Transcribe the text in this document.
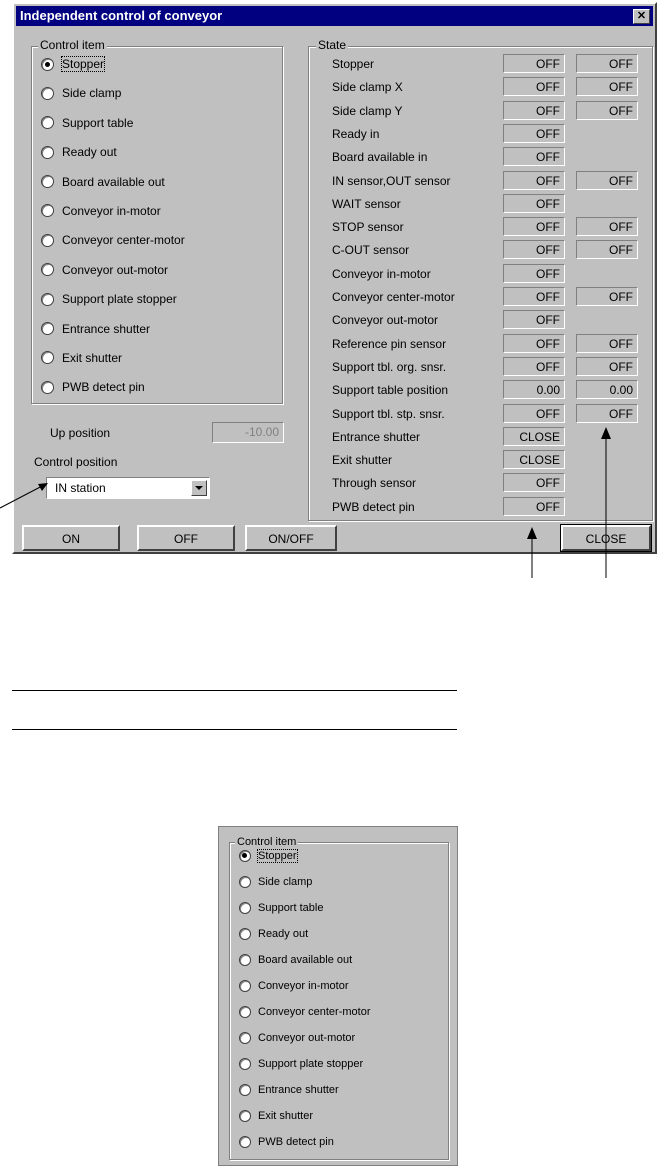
Independent control of conveyor	✕
Control item
Stopper
Side clamp
Support table
Ready out
Board available out
Conveyor in-motor
Conveyor center-motor
Conveyor out-motor
Support plate stopper
Entrance shutter
Exit shutter
PWB detect pin
Up position	-10.00
Control position
IN station
State
Stopper	OFF	OFF
Side clamp X	OFF	OFF
Side clamp Y	OFF	OFF
Ready in	OFF
Board available in	OFF
IN sensor,OUT sensor	OFF	OFF
WAIT sensor	OFF
STOP sensor	OFF	OFF
C-OUT sensor	OFF	OFF
Conveyor in-motor	OFF
Conveyor center-motor	OFF	OFF
Conveyor out-motor	OFF
Reference pin sensor	OFF	OFF
Support tbl. org. snsr.	OFF	OFF
Support table position	0.00	0.00
Support tbl. stp. snsr.	OFF	OFF
Entrance shutter	CLOSE
Exit shutter	CLOSE
Through sensor	OFF
PWB detect pin	OFF
ON	OFF	ON/OFF	CLOSE
Control item
Stopper
Side clamp
Support table
Ready out
Board available out
Conveyor in-motor
Conveyor center-motor
Conveyor out-motor
Support plate stopper
Entrance shutter
Exit shutter
PWB detect pin
